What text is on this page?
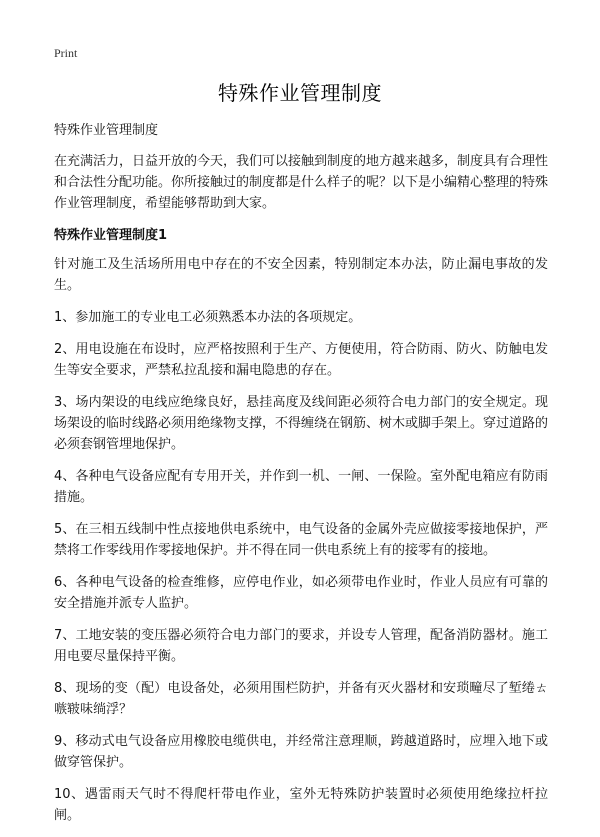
Print
特殊作业管理制度

特殊作业管理制度

在充满活力，日益开放的今天，我们可以接触到制度的地方越来越多，制度具有合理性和合法性分配功能。你所接触过的制度都是什么样子的呢？以下是小编精心整理的特殊作业管理制度，希望能够帮助到大家。

特殊作业管理制度1

针对施工及生活场所用电中存在的不安全因素，特别制定本办法，防止漏电事故的发生。

1、参加施工的专业电工必须熟悉本办法的各项规定。

2、用电设施在布设时，应严格按照利于生产、方便使用，符合防雨、防火、防触电发生等安全要求，严禁私拉乱接和漏电隐患的存在。

3、场内架设的电线应绝缘良好，悬挂高度及线间距必须符合电力部门的安全规定。现场架设的临时线路必须用绝缘物支撑，不得缠绕在钢筋、树木或脚手架上。穿过道路的必须套钢管埋地保护。

4、各种电气设备应配有专用开关，并作到一机、一闸、一保险。室外配电箱应有防雨措施。

5、在三相五线制中性点接地供电系统中，电气设备的金属外壳应做接零接地保护，严禁将工作零线用作零接地保护。并不得在同一供电系统上有的接零有的接地。

6、各种电气设备的检查维修，应停电作业，如必须带电作业时，作业人员应有可靠的安全措施并派专人监护。

7、工地安装的变压器必须符合电力部门的要求，并设专人管理，配备消防器材。施工用电要尽量保持平衡。

8、现场的变（配）电设备处，必须用围栏防护，并备有灭火器材和安琐疃尽了堑绻ㄊ嗾皲味绱浮？

9、移动式电气设备应用橡胶电缆供电，并经常注意理顺，跨越道路时，应埋入地下或做穿管保护。

10、遇雷雨天气时不得爬杆带电作业，室外无特殊防护装置时必须使用绝缘拉杆拉闸。
